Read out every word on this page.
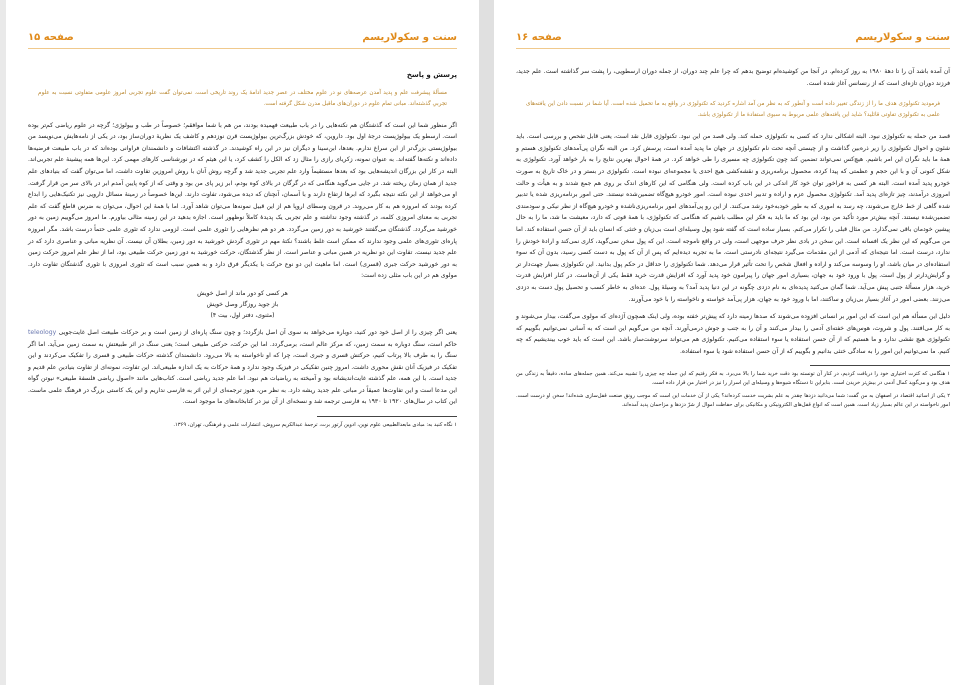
سنت و سکولاریسم
صفحه ۱۵
پرسش و پاسخ
مسألهٔ پیشرفت علم و پدید آمدن عرصه‌های نو در علوم مختلف در عصر جدید ادامهٔ یک روند تاریخی است. نمی‌توان گفت علوم تجربی امروز علومی متفاوتی نسبت به علوم تجربیِ گذشته‌اند. مبانی تمام علوم در دوران‌های ماقبل مدرن شکل گرفته است.

اگر منظور شما این است که گذشتگان هم نکته‌هایی را در باب طبیعت فهمیده بودند، من هم با شما موافقم؛ خصوصاً در طب و بیولوژی؛ گرچه در علوم ریاضی کم‌تر بوده است. ارسطو یک بیولوژیست درجهٔ اول بود. داروین، که خودش بزرگ‌ترین بیولوژیست قرن نوزدهم و کاشف یک نظریهٔ دوران‌ساز بود، در یکی از نامه‌هایش می‌نویسد من بیولوژیستی بزرگ‌تر از این سراغ ندارم. بعدها، ابن‌سینا و دیگران نیز در این راه کوشیدند. در گذشته اکتشافات و دانشمندان فراوانی بوده‌اند که در باب طبیعت فرضیه‌ها داده‌اند و نکته‌ها گفته‌اند. به عنوان نمونه، زکریای رازی را مثال زد که الکل را کشف کرد، یا ابن هیثم که در نورشناسی کارهای مهمی کرد. این‌ها همه پیشینهٔ علم تجربی‌اند. البته در کار این بزرگان اندیشه‌هایی بود که بعدها مستقیماً وارد علم تجربی جدید شد و گرچه روش آنان با روش امروزین تفاوت داشت، اما می‌توان گفت که بنیادهای علم جدید از همان زمان ریخته شد. در جایی می‌گوید هنگامی که در گرگان در بالای کوه بودم، ابر زیر پای من بود و وقتی که از کوه پایین آمدم ابر در بالای سر من قرار گرفت. او می‌خواهد از این نکته نتیجه بگیرد که ابرها ارتفاع دارند و با آسمان، آنچنان که دیده می‌شود، تفاوت دارند. این‌ها خصوصاً در زمینهٔ مسائل دارویی نیز تکنیک‌هایی را ابداع کرده بودند که امروزه هم به کار می‌روند. در قرون وسطای اروپا هم از این قبیل نمونه‌ها می‌توان شاهد آورد. اما با همهٔ این احوال، می‌توان به ضرس قاطع گفت که علم تجربی به معنای امروزی کلمه، در گذشته وجود نداشته و علم تجربی یک پدیدهٔ کاملاً نوظهور است. اجازه بدهید در این زمینه مثالی بیاورم. ما امروز می‌گوییم زمین به دور خورشید می‌گردد. گذشتگان می‌گفتند خورشید به دور زمین می‌گردد. هر دو هم نظرهایی را تئوری علمی است. لزومی ندارد که تئوری علمی حتماً درست باشد. مگر امروزه پاره‌ای تئوری‌های علمی وجود ندارند که ممکن است غلط باشند؟ نکتهٔ مهم در تئوری گردش خورشید به دور زمین، بطلان آن نیست. آن نظریه مبانی و عناصری دارد که در علم جدید نیست. تفاوت این دو نظریه در همین مبانی و عناصر است. از نظر گذشتگان، حرکت خورشید به دور زمین حرکت طبیعی بود، اما از نظر علم امروز حرکت زمین به دور خورشید حرکت جبری (قسری) است. اما ماهیت این دو نوع حرکت با یکدیگر فرق دارد و به همین سبب است که تئوری امروزی با تئوری گذشتگان تفاوت دارد. مولوی هم در این باب مثلی زده است:

هر کسی کو دور ماند از اصل خویش
باز جوید روزگار وصل خویش
(مثنوی، دفتر اول، بیت ۴)

یعنی اگر چیزی را از اصل خود دور کنید، دوباره می‌خواهد به سوی آن اصل بازگردد؛ و چون سنگ پاره‌ای از زمین است و بر حرکات طبیعت اصل غایت‌جویی teleology حاکم است، سنگ دوباره به سمت زمین، که مرکز عالم است، برمی‌گردد. اما این حرکت، حرکتی طبیعی است؛ یعنی سنگ در اثر طبیعتش به سمت زمین می‌آید. اما اگر سنگ را به طرف بالا پرتاب کنیم، حرکتش قسری و جبری است، چرا که او ناخواسته به بالا می‌رود. دانشمندان گذشته حرکات طبیعی و قسری را تفکیک می‌کردند و این تفکیک در فیزیک آنان نقش محوری داشت. امروز چنین تفکیکی در فیزیک وجود ندارد و همهٔ حرکات به یک اندازه طبیعی‌اند. این تفاوت، نمونه‌ای از تفاوت بنیادین علم قدیم و جدید است. با این همه، علم گذشته غایت‌اندیشانه بود و آمیخته به ریاضیات هم نبود. اما علم جدید ریاضی است. کتاب‌هایی مانند «اصول ریاضی فلسفهٔ طبیعی» نیوتن گواه این مدعا است و این تفاوت‌ها عمیقاً در مبانی علم جدید ریشه دارد. به نظر من، هنوز ترجمه‌ای از این اثر به فارسی نداریم و این یک کاستی بزرگ در فرهنگ علمی ماست. این کتاب در سال‌های ۱۹۲۰ تا ۱۹۳۰ به فارسی ترجمه شد و نسخه‌ای از آن نیز در کتابخانه‌های ما موجود است.

۱ نگاه کنید به: مبادی مابعدالطبیعی علوم نوین، ادوین آرتور برت، ترجمهٔ عبدالکریم سروش، انتشارات علمی و فرهنگی، تهران، ۱۳۶۹.
سنت و سکولاریسم
صفحه ۱۶

آن آمده باشد آن را تا دههٔ ۱۹۸۰ به روز کرده‌ام. در آنجا من کوشیده‌ام توضیح بدهم که چرا علم چند دوران، از جمله دوران ارسطویی، را پشت سر گذاشته است. علم جدید، فرزند دوران تازه‌ای است که از رنسانس آغاز شده است.

فرمودید تکنولوژی هدف ما را از زندگی تغییر داده است و آنطور که به نظر من آمد اشاره کردید که تکنولوژی در واقع به ما تحمیل شده است. آیا شما در نسبت دادن این یافته‌های علمی به تکنولوژی تفاوتی قائلید؟ شاید این یافته‌های علمی مربوط به سبوی استفادهٔ ما از تکنولوژی باشد.

قصد من حمله به تکنولوژی نبود. البته اشکالی ندارد که کسی به تکنولوژی حمله کند. ولی قصد من این نبود. تکنولوژی قابل نقد است، یعنی قابل تفحص و بررسی است. باید شئون و احوال تکنولوژی را زیر ذره‌بین گذاشت و از چیستی آنچه تحت نام تکنولوژی در جهان ما پدید آمده است، پرسش کرد. من البته نگران پی‌آمدهای تکنولوژی هستم و همهٔ ما باید نگران این امر باشیم. هیچ‌کس نمی‌تواند تضمین کند چون تکنولوژی چه مسیری را طی خواهد کرد. در همهٔ احوال بهترین نتایج را به بار خواهد آورد. تکنولوژی به شکل کنونی آن و با این حجم و عظمتی که پیدا کرده، محصول برنامه‌ریزی و نقشه‌کشی هیچ احدی یا مجموعه‌ای نبوده است. تکنولوژی در بستر و در خاک تاریخ به صورت خودرو پدید آمده است. البته هر کسی به فراخور توان خود کار اندکی در این باب کرده است. ولی هنگامی که این کارهای اندک بر روی هم جمع شدند و به هیأت و حالت امروزی درآمدند، چیز تازه‌ای پدید آمد. تکنولوژی محصول عزم و اراده و تدبیر احدی نبوده است. امور خودرو هیچ‌گاه تضمین‌شده نیستند. حتی امور برنامه‌ریزی شده یا تدبیر شده گاهی از خط خارج می‌شوند، چه رسد به اموری که به طور خودبه‌خود رشد می‌کنند. از این رو پی‌آمدهای امور برنامه‌ریزی‌ناشده و خودرو هیچ‌گاه از نظر نیکی و سودمندی تضمین‌شده نیستند. آنچه بیش‌تر مورد تأکید من بود، این بود که ما باید به فکر این مطلب باشیم که هنگامی که تکنولوژی، با همهٔ قوتی که دارد، معیشت ما شد، ما را به حال پیشین خودمان باقی نمی‌گذارد. من مثال قبلی را تکرار می‌کنم. بسیار ساده است که گفته شود پول وسیله‌ای است بی‌زیان و خنثی که انسان باید از آن حسن استفاده کند. اما من می‌گویم که این نظر یک افسانه است. این سخن در بادی نظر حرف موجهی است، ولی در واقع ناموجه است. این که پول سخن نمی‌گوید، کاری نمی‌کند و ارادهٔ خودش را ندارد، درست است. اما نتیجه‌ای که آدمی از این مقدمات می‌گیرد نتیجه‌ای نادرستی است. ما به تجربه دیده‌ایم که پس از آن که پول به دست کسی رسید، بدون آن که سوء استفاده‌ای در میان باشد، او را وسوسه می‌کند و اراده و افعال شخص را تحت تأثیر قرار می‌دهد. شما تکنولوژی را حداقل در حکم پول بدانید. این تکنولوژی بسیار جهت‌دار تر و گرایش‌دارتر از پول است. پول با ورود خود به جهان، بسیاری امور جهان را پیرامون خود پدید آورد که افزایش قدرت خرید فقط یکی از آن‌هاست. در کنار افزایش قدرت خرید، هزار مسألهٔ جنبی پیش می‌آید. شما گمان می‌کنید پدیده‌ای به نام دزدی چگونه در این دنیا پدید آمد؟ به وسیلهٔ پول. عده‌ای به خاطر کسب و تحصیل پول دست به دزدی می‌زنند. بعضی امور در آغاز بسیار بی‌زیان و ساکتند، اما با ورود خود به جهان، هزار پی‌آمد خواسته و ناخواسته را با خود می‌آورند.

دلیل این مسأله هم این است که این امور بر انسانی افزوده می‌شوند که صدها زمینه دارد که پیش‌تر خفته بوده، ولی اینک همچون آژده‌ای که مولوی می‌گفت، بیدار می‌شوند و به کار می‌افتند. پول و شروت، هوس‌های خفته‌ای آدمی را بیدار می‌کنند و آن را به جنب و جوش درمی‌آورند. آنچه من می‌گویم این است که به آسانی نمی‌توانیم بگوییم که تکنولوژی هیچ نقشی ندارد و ما هستیم که از آن حسن استفاده یا سوء استفاده می‌کنیم. تکنولوژی هم می‌تواند سرنوشت‌ساز باشد. این است که باید خوب بیندیشیم که چه کنیم. ما نمی‌توانیم این امور را به سادگی خنثی بدانیم و بگوییم که از آن حسن استفاده شود یا سوء استفاده.

۱ هنگامی که کثرت اختیاری خود را دریافت کردیم، در کنار آن تونسته بود دقت خرید شما را بالا می‌برد. به فکر رفتیم که این جمله چه چیزی را تشبیه می‌کند. همین جمله‌های ساده، دقیقاً به زندگی من هدف بود و می‌گوید کمال آدمی در بیش‌تر خریدن است. بنابراین تا دستگاه شیوه‌ها و وسیله‌ای این اسرار را نیز در اختیار من قرار داده است.
۲ یکی از اساتید اقتصاد در اصفهان به من گفت: شما می‌دانید دزدها چقدر به علم بشریت خدمت کرده‌اند؟ یکی از آن خدمات این است که موجب رونق صنعت قفل‌سازی شده‌اند! سخن او درست است. امور ناخواسته در این عالم بسیار زیاد است. همین است که انواع قفل‌های الکترونیکی و مکانیکی برای حفاظت اموال از شرّ دزدها و مزاحمان پدید آمده‌اند.
